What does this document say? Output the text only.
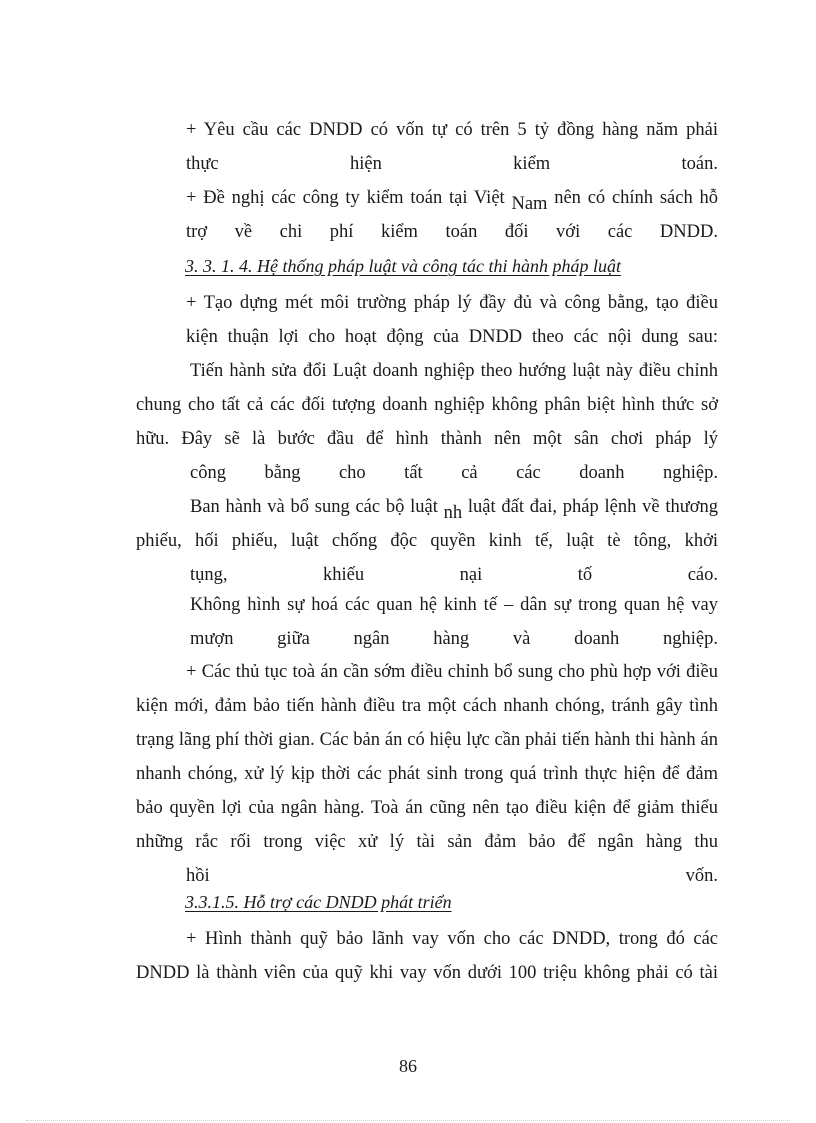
+ Yêu cầu các DNDD có vốn tự có trên 5 tỷ đồng hàng năm phải
thực hiện kiểm toán.

+ Đề nghị các công ty kiểm toán tại Việt Nam nên có chính sách hỗ
trợ về chi phí kiểm toán đối với các DNDD.

3. 3. 1. 4. Hệ thống pháp luật và công tác thi hành pháp luật

+ Tạo dựng mét môi trường pháp lý đầy đủ và công bằng, tạo điều
kiện thuận lợi cho hoạt động của DNDD theo các nội dung sau:

Tiến hành sửa đổi Luật doanh nghiệp theo hướng luật này điều chỉnh chung cho tất cả các đối tượng doanh nghiệp không phân biệt hình thức sở hữu. Đây sẽ là bước đầu để hình thành nên một sân chơi pháp lý
công bằng cho tất cả các doanh nghiệp.

Ban hành và bổ sung các bộ luật nh luật đất đai, pháp lệnh về thương phiếu, hối phiếu, luật chống độc quyền kinh tế, luật tè tông, khởi
tụng, khiếu nại tố cáo.

Không hình sự hoá các quan hệ kinh tế – dân sự trong quan hệ vay
mượn giữa ngân hàng và doanh nghiệp.

+ Các thủ tục toà án cần sớm điều chỉnh bổ sung cho phù hợp với điều kiện mới, đảm bảo tiến hành điều tra một cách nhanh chóng, tránh gây tình trạng lãng phí thời gian. Các bản án có hiệu lực cần phải tiến hành thi hành án nhanh chóng, xử lý kịp thời các phát sinh trong quá trình thực hiện để đảm bảo quyền lợi của ngân hàng. Toà án cũng nên tạo điều kiện để giảm thiểu những rắc rối trong việc xử lý tài sản đảm bảo để ngân hàng thu
hồi vốn.

3.3.1.5. Hỗ trợ các DNDD phát triển

+ Hình thành quỹ bảo lãnh vay vốn cho các DNDD, trong đó các DNDD là thành viên của quỹ khi vay vốn dưới 100 triệu không phải có tài

86
